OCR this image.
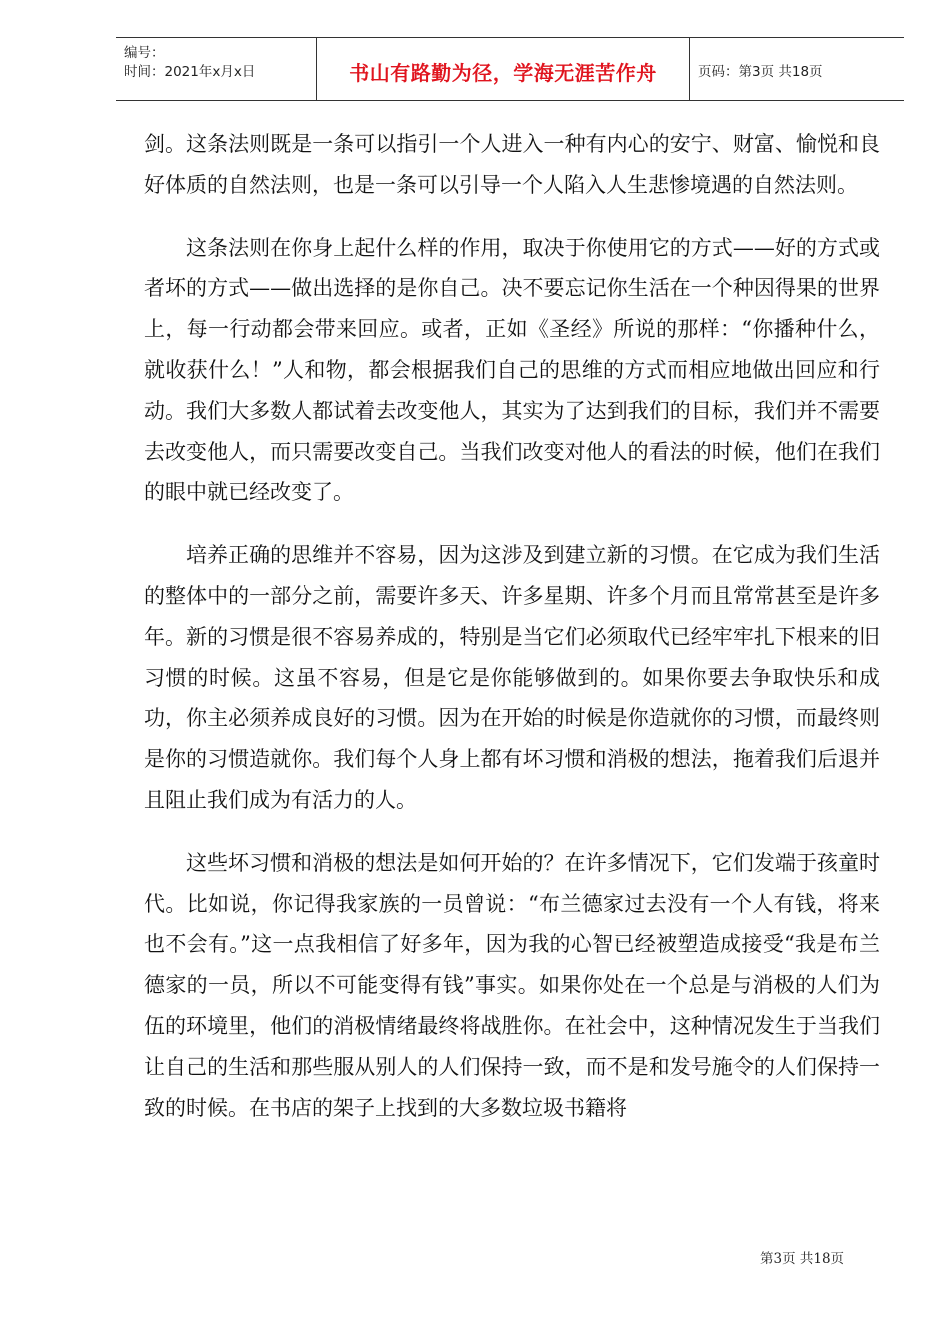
编号：
时间：2021年x月x日	书山有路勤为径，学海无涯苦作舟	页码：第3页 共18页

剑。这条法则既是一条可以指引一个人进入一种有内心的安宁、财富、愉悦和良好体质的自然法则，也是一条可以引导一个人陷入人生悲惨境遇的自然法则。

这条法则在你身上起什么样的作用，取决于你使用它的方式——好的方式或者坏的方式——做出选择的是你自己。决不要忘记你生活在一个种因得果的世界上，每一行动都会带来回应。或者，正如《圣经》所说的那样：“你播种什么，就收获什么！”人和物，都会根据我们自己的思维的方式而相应地做出回应和行动。我们大多数人都试着去改变他人，其实为了达到我们的目标，我们并不需要去改变他人，而只需要改变自己。当我们改变对他人的看法的时候，他们在我们的眼中就已经改变了。

培养正确的思维并不容易，因为这涉及到建立新的习惯。在它成为我们生活的整体中的一部分之前，需要许多天、许多星期、许多个月而且常常甚至是许多年。新的习惯是很不容易养成的，特别是当它们必须取代已经牢牢扎下根来的旧习惯的时候。这虽不容易，但是它是你能够做到的。如果你要去争取快乐和成功，你主必须养成良好的习惯。因为在开始的时候是你造就你的习惯，而最终则是你的习惯造就你。我们每个人身上都有坏习惯和消极的想法，拖着我们后退并且阻止我们成为有活力的人。

这些坏习惯和消极的想法是如何开始的？在许多情况下，它们发端于孩童时代。比如说，你记得我家族的一员曾说：“布兰德家过去没有一个人有钱，将来也不会有。”这一点我相信了好多年，因为我的心智已经被塑造成接受“我是布兰德家的一员，所以不可能变得有钱”事实。如果你处在一个总是与消极的人们为伍的环境里，他们的消极情绪最终将战胜你。在社会中，这种情况发生于当我们让自己的生活和那些服从别人的人们保持一致，而不是和发号施令的人们保持一致的时候。在书店的架子上找到的大多数垃圾书籍将

第3页 共18页
